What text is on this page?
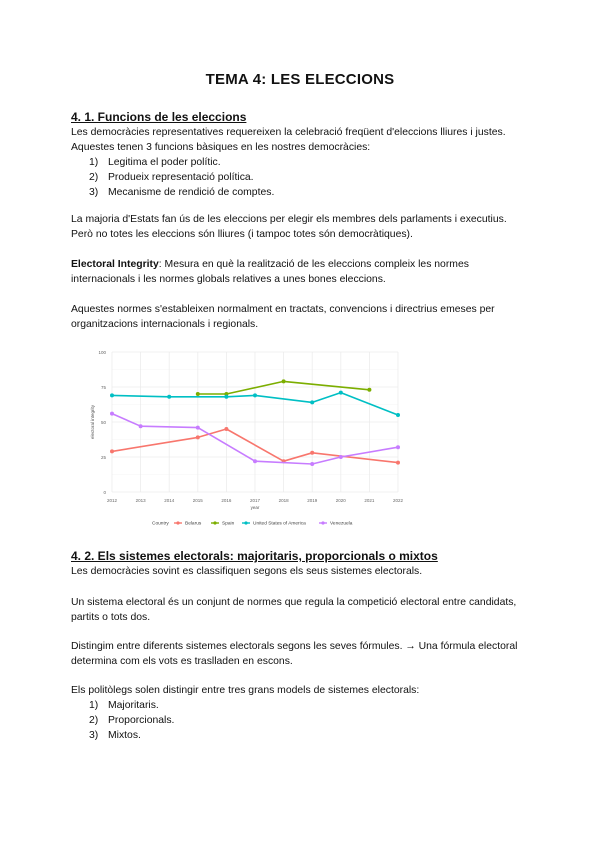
TEMA 4: LES ELECCIONS
4. 1. Funcions de les eleccions

Les democràcies representatives requereixen la celebració freqüent d'eleccions lliures i justes. Aquestes tenen 3 funcions bàsiques en les nostres democràcies:

1) Legitima el poder polític.
2) Produeix representació política.
3) Mecanisme de rendició de comptes.

La majoria d'Estats fan ús de les eleccions per elegir els membres dels parlaments i executius. Però no totes les eleccions són lliures (i tampoc totes són democràtiques).

Electoral Integrity: Mesura en què la realització de les eleccions compleix les normes internacionals i les normes globals relatives a unes bones eleccions.

Aquestes normes s'estableixen normalment en tractats, convencions i directrius emeses per organitzacions internacionals i regionals.

0
25
50
75
100
2012	2013	2014	2015	2016	2017	2018	2019	2020	2021	2022
year
electoral integrity
Country	Belarus	Spain	United States of America	Venezuela
4. 2. Els sistemes electorals: majoritaris, proporcionals o mixtos

Les democràcies sovint es classifiquen segons els seus sistemes electorals.

Un sistema electoral és un conjunt de normes que regula la competició electoral entre candidats, partits o tots dos.

Distingim entre diferents sistemes electorals segons les seves fórmules. → Una fórmula electoral determina com els vots es traslladen en escons.

Els politòlegs solen distingir entre tres grans models de sistemes electorals:

1) Majoritaris.
2) Proporcionals.
3) Mixtos.
